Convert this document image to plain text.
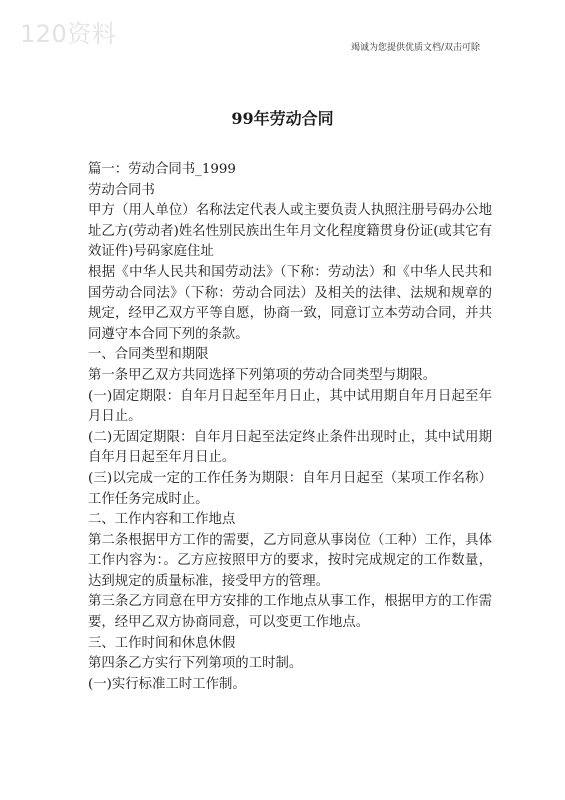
120资料	竭诚为您提供优质文档/双击可除
99年劳动合同

篇一：劳动合同书_1999

劳动合同书

甲方（用人单位）名称法定代表人或主要负责人执照注册号码办公地址乙方(劳动者)姓名性别民族出生年月文化程度籍贯身份证(或其它有效证件)号码家庭住址

根据《中华人民共和国劳动法》（下称：劳动法）和《中华人民共和国劳动合同法》（下称：劳动合同法）及相关的法律、法规和规章的规定，经甲乙双方平等自愿，协商一致，同意订立本劳动合同，并共同遵守本合同下列的条款。

一、合同类型和期限

第一条甲乙双方共同选择下列第项的劳动合同类型与期限。

(一)固定期限：自年月日起至年月日止，其中试用期自年月日起至年月日止。

(二)无固定期限：自年月日起至法定终止条件出现时止，其中试用期自年月日起至年月日止。

(三)以完成一定的工作任务为期限：自年月日起至（某项工作名称）工作任务完成时止。

二、工作内容和工作地点

第二条根据甲方工作的需要，乙方同意从事岗位（工种）工作，具体工作内容为：。乙方应按照甲方的要求，按时完成规定的工作数量，达到规定的质量标准，接受甲方的管理。

第三条乙方同意在甲方安排的工作地点从事工作，根据甲方的工作需要，经甲乙双方协商同意，可以变更工作地点。

三、工作时间和休息休假

第四条乙方实行下列第项的工时制。

(一)实行标准工时工作制。
